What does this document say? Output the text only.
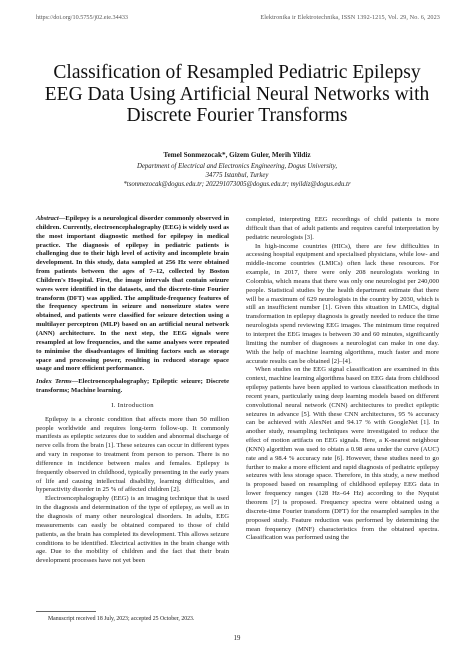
https://doi.org/10.5755/j02.eie.34433	Elektronika ir Elektrotechnika, ISSN 1392-1215, Vol. 29, No. 6, 2023
Classification of Resampled Pediatric Epilepsy EEG Data Using Artificial Neural Networks with Discrete Fourier Transforms
Temel Sonmezocak*, Gizem Guler, Merih Yildiz
Department of Electrical and Electronics Engineering, Dogus University,
34775 Istanbul, Turkey
*tsonmezocak@dogus.edu.tr; 202291073005@dogus.edu.tr; myildiz@dogus.edu.tr
Abstract—Epilepsy is a neurological disorder commonly observed in children. Currently, electroencephalography (EEG) is widely used as the most important diagnostic method for epilepsy in medical practice. The diagnosis of epilepsy in pediatric patients is challenging due to their high level of activity and incomplete brain development. In this study, data sampled at 256 Hz were obtained from patients between the ages of 7–12, collected by Boston Children's Hospital. First, the image intervals that contain seizure waves were identified in the datasets, and the discrete-time Fourier transform (DFT) was applied. The amplitude-frequency features of the frequency spectrum in seizure and nonseizure states were obtained, and patients were classified for seizure detection using a multilayer perceptron (MLP) based on an artificial neural network (ANN) architecture. In the next step, the EEG signals were resampled at low frequencies, and the same analyses were repeated to minimise the disadvantages of limiting factors such as storage space and processing power, resulting in reduced storage space usage and more efficient performance.
Index Terms—Electroencephalography; Epileptic seizure; Discrete transforms; Machine learning.
I. Introduction

Epilepsy is a chronic condition that affects more than 50 million people worldwide and requires long-term follow-up. It commonly manifests as epileptic seizures due to sudden and abnormal discharge of nerve cells from the brain [1]. These seizures can occur in different types and vary in response to treatment from person to person. There is no difference in incidence between males and females. Epilepsy is frequently observed in childhood, typically presenting in the early years of life and causing intellectual disability, learning difficulties, and hyperactivity disorder in 25 % of affected children [2].

Electroencephalography (EEG) is an imaging technique that is used in the diagnosis and determination of the type of epilepsy, as well as in the diagnosis of many other neurological disorders. In adults, EEG measurements can easily be obtained compared to those of child patients, as the brain has completed its development. This allows seizure conditions to be identified. Electrical activities in the brain change with age. Due to the mobility of children and the fact that their brain development processes have not yet been

completed, interpreting EEG recordings of child patients is more difficult than that of adult patients and requires careful interpretation by pediatric neurologists [3].

In high-income countries (HICs), there are few difficulties in accessing hospital equipment and specialised physicians, while low- and middle-income countries (LMICs) often lack these resources. For example, in 2017, there were only 208 neurologists working in Colombia, which means that there was only one neurologist per 240,000 people. Statistical studies by the health department estimate that there will be a maximum of 629 neurologists in the country by 2030, which is still an insufficient number [1]. Given this situation in LMICs, digital transformation in epilepsy diagnosis is greatly needed to reduce the time neurologists spend reviewing EEG images. The minimum time required to interpret the EEG images is between 30 and 60 minutes, significantly limiting the number of diagnoses a neurologist can make in one day. With the help of machine learning algorithms, much faster and more accurate results can be obtained [2]–[4].

When studies on the EEG signal classification are examined in this context, machine learning algorithms based on EEG data from childhood epilepsy patients have been applied to various classification methods in recent years, particularly using deep learning models based on different convolutional neural network (CNN) architectures to predict epileptic seizures in advance [5]. With these CNN architectures, 95 % accuracy can be achieved with AlexNet and 94.17 % with GoogleNet [1]. In another study, resampling techniques were investigated to reduce the effect of motion artifacts on EEG signals. Here, a K-nearest neighbour (KNN) algorithm was used to obtain a 0.98 area under the curve (AUC) rate and a 98.4 % accuracy rate [6]. However, these studies need to go further to make a more efficient and rapid diagnosis of pediatric epilepsy seizures with less storage space. Therefore, in this study, a new method is proposed based on resampling of childhood epilepsy EEG data in lower frequency ranges (128 Hz–64 Hz) according to the Nyquist theorem [7] is proposed. Frequency spectra were obtained using a discrete-time Fourier transform (DFT) for the resampled samples in the proposed study. Feature reduction was performed by determining the mean frequency (MNF) characteristics from the obtained spectra. Classification was performed using the

Manuscript received 18 July, 2023; accepted 25 October, 2023.
19
